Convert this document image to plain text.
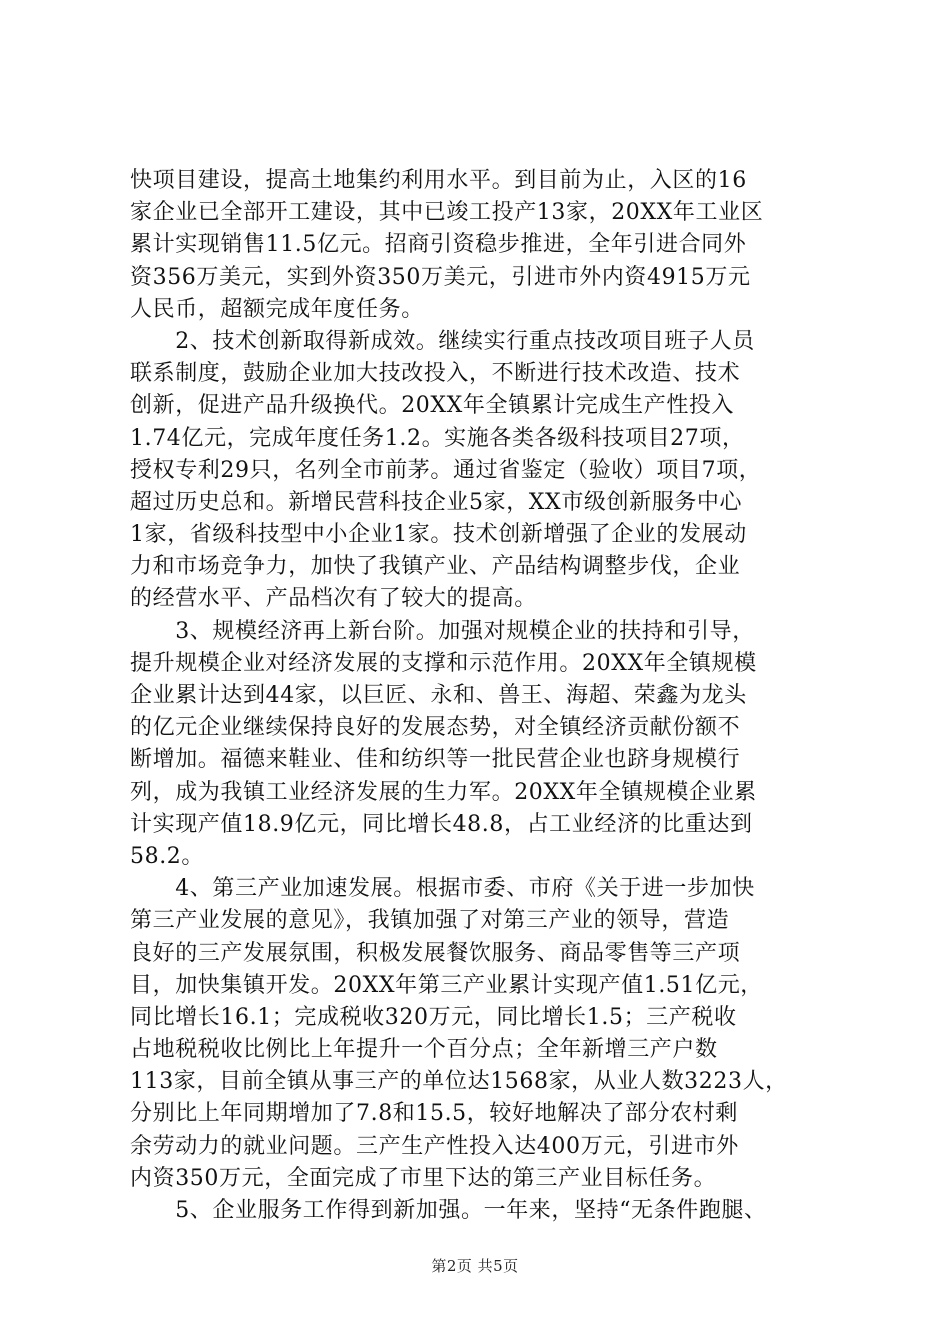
快项目建设，提高土地集约利用水平。到目前为止，入区的16
家企业已全部开工建设，其中已竣工投产13家，20XX年工业区
累计实现销售11.5亿元。招商引资稳步推进，全年引进合同外
资356万美元，实到外资350万美元，引进市外内资4915万元
人民币，超额完成年度任务。
　　2、技术创新取得新成效。继续实行重点技改项目班子人员
联系制度，鼓励企业加大技改投入，不断进行技术改造、技术
创新，促进产品升级换代。20XX年全镇累计完成生产性投入
1.74亿元，完成年度任务1.2。实施各类各级科技项目27项，
授权专利29只，名列全市前茅。通过省鉴定（验收）项目7项，
超过历史总和。新增民营科技企业5家，XX市级创新服务中心
1家，省级科技型中小企业1家。技术创新增强了企业的发展动
力和市场竞争力，加快了我镇产业、产品结构调整步伐，企业
的经营水平、产品档次有了较大的提高。
　　3、规模经济再上新台阶。加强对规模企业的扶持和引导，
提升规模企业对经济发展的支撑和示范作用。20XX年全镇规模
企业累计达到44家，以巨匠、永和、兽王、海超、荣鑫为龙头
的亿元企业继续保持良好的发展态势，对全镇经济贡献份额不
断增加。福德来鞋业、佳和纺织等一批民营企业也跻身规模行
列，成为我镇工业经济发展的生力军。20XX年全镇规模企业累
计实现产值18.9亿元，同比增长48.8，占工业经济的比重达到
58.2。
　　4、第三产业加速发展。根据市委、市府《关于进一步加快
第三产业发展的意见》，我镇加强了对第三产业的领导，营造
良好的三产发展氛围，积极发展餐饮服务、商品零售等三产项
目，加快集镇开发。20XX年第三产业累计实现产值1.51亿元，
同比增长16.1；完成税收320万元，同比增长1.5；三产税收
占地税税收比例比上年提升一个百分点；全年新增三产户数
113家，目前全镇从事三产的单位达1568家，从业人数3223人，
分别比上年同期增加了7.8和15.5，较好地解决了部分农村剩
余劳动力的就业问题。三产生产性投入达400万元，引进市外
内资350万元，全面完成了市里下达的第三产业目标任务。
　　5、企业服务工作得到新加强。一年来，坚持“无条件跑腿、
第2页 共5页
